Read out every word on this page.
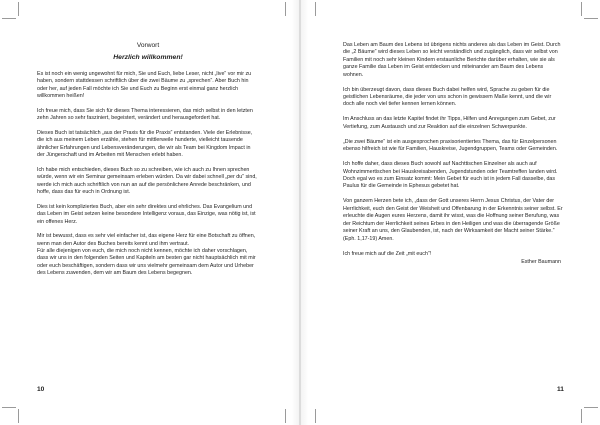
Vorwort
Herzlich willkommen!

Es ist noch ein wenig ungewohnt für mich, Sie und Euch, liebe Leser, nicht „live“ vor mir zu haben, sondern stattdessen schriftlich über die zwei Bäume zu „sprechen“. Aber Buch hin oder her, auf jeden Fall möchte ich Sie und Euch zu Beginn erst einmal ganz herzlich willkommen heißen!

Ich freue mich, dass Sie sich für dieses Thema interessieren, das mich selbst in den letzten zehn Jahren so sehr fasziniert, begeistert, verändert und herausgefordert hat.

Dieses Buch ist tatsächlich „aus der Praxis für die Praxis“ entstanden. Viele der Erlebnisse, die ich aus meinem Leben erzähle, stehen für mittlerweile hunderte, vielleicht tausende ähnlicher Erfahrungen und Lebensveränderungen, die wir als Team bei Kingdom Impact in der Jüngerschaft und im Arbeiten mit Menschen erlebt haben.

Ich habe mich entschieden, dieses Buch so zu schreiben, wie ich auch zu Ihnen sprechen würde, wenn wir ein Seminar gemeinsam erleben würden. Da wir dabei schnell „per du“ sind, werde ich mich auch schriftlich von nun an auf die persönlichere Anrede beschränken, und hoffe, dass das für euch in Ordnung ist.

Dies ist kein kompliziertes Buch, aber ein sehr direktes und ehrliches. Das Evangelium und das Leben im Geist setzen keine besondere Intelligenz voraus, das Einzige, was nötig ist, ist ein offenes Herz.

Mir ist bewusst, dass es sehr viel einfacher ist, das eigene Herz für eine Botschaft zu öffnen, wenn man den Autor des Buches bereits kennt und ihm vertraut.

Für alle diejenigen von euch, die mich noch nicht kennen, möchte ich daher vorschlagen, dass wir uns in den folgenden Seiten und Kapiteln am besten gar nicht hauptsächlich mit mir oder euch beschäftigen, sondern dass wir uns vielmehr gemeinsam dem Autor und Urheber des Lebens zuwenden, dem wir am Baum des Lebens begegnen.

10

Das Leben am Baum des Lebens ist übrigens nichts anderes als das Leben im Geist. Durch die „2 Bäume“ wird dieses Leben so leicht verständlich und zugänglich, dass wir selbst von Familien mit noch sehr kleinen Kindern erstaunliche Berichte darüber erhalten, wie sie als ganze Familie das Leben im Geist entdecken und miteinander am Baum des Lebens wohnen.

Ich bin überzeugt davon, dass dieses Buch dabei helfen wird, Sprache zu geben für die geistlichen Lebensräume, die jeder von uns schon in gewissem Maße kennt, und die wir doch alle noch viel tiefer kennen lernen können.

Im Anschluss an das letzte Kapitel findet ihr Tipps, Hilfen und Anregungen zum Gebet, zur Vertiefung, zum Austausch und zur Reaktion auf die einzelnen Schwerpunkte.

„Die zwei Bäume“ ist ein ausgesprochen praxisorientiertes Thema, das für Einzelpersonen ebenso hilfreich ist wie für Familien, Hauskreise, Jugendgruppen, Teams oder Gemeinden.

Ich hoffe daher, dass dieses Buch sowohl auf Nachttischen Einzelner als auch auf Wohnzimmertischen bei Hauskreisabenden, Jugendstunden oder Teamtreffen landen wird. Doch egal wo es zum Einsatz kommt: Mein Gebet für euch ist in jedem Fall dasselbe, das Paulus für die Gemeinde in Ephesus gebetet hat.

Von ganzem Herzen bete ich, „dass der Gott unseres Herrn Jesus Christus, der Vater der Herrlichkeit, euch den Geist der Weisheit und Offenbarung in der Erkenntnis seiner selbst. Er erleuchte die Augen eures Herzens, damit ihr wisst, was die Hoffnung seiner Berufung, was der Reichtum der Herrlichkeit seines Erbes in den Heiligen und was die überragende Größe seiner Kraft an uns, den Glaubenden, ist, nach der Wirksamkeit der Macht seiner Stärke.“ (Eph. 1,17-19) Amen.

Ich freue mich auf die Zeit „mit euch“!

Esther Baumann
11
